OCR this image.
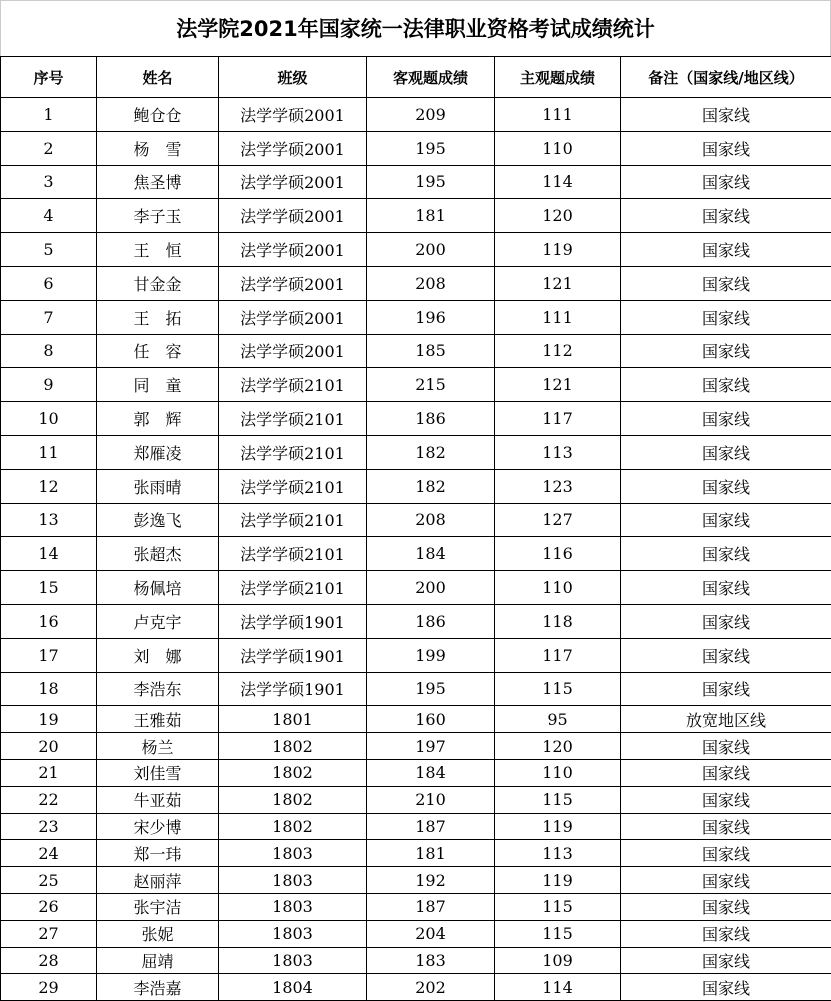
法学院2021年国家统一法律职业资格考试成绩统计
序号	姓名	班级	客观题成绩	主观题成绩	备注（国家线/地区线）
1	鲍仓仓	法学学硕2001	209	111	国家线
2	杨　雪	法学学硕2001	195	110	国家线
3	焦圣博	法学学硕2001	195	114	国家线
4	李子玉	法学学硕2001	181	120	国家线
5	王　恒	法学学硕2001	200	119	国家线
6	甘金金	法学学硕2001	208	121	国家线
7	王　拓	法学学硕2001	196	111	国家线
8	任　容	法学学硕2001	185	112	国家线
9	同　童	法学学硕2101	215	121	国家线
10	郭　辉	法学学硕2101	186	117	国家线
11	郑雁凌	法学学硕2101	182	113	国家线
12	张雨晴	法学学硕2101	182	123	国家线
13	彭逸飞	法学学硕2101	208	127	国家线
14	张超杰	法学学硕2101	184	116	国家线
15	杨佩培	法学学硕2101	200	110	国家线
16	卢克宇	法学学硕1901	186	118	国家线
17	刘　娜	法学学硕1901	199	117	国家线
18	李浩东	法学学硕1901	195	115	国家线
19	王雅茹	1801	160	95	放宽地区线
20	杨兰	1802	197	120	国家线
21	刘佳雪	1802	184	110	国家线
22	牛亚茹	1802	210	115	国家线
23	宋少博	1802	187	119	国家线
24	郑一玮	1803	181	113	国家线
25	赵丽萍	1803	192	119	国家线
26	张宇洁	1803	187	115	国家线
27	张妮	1803	204	115	国家线
28	屈靖	1803	183	109	国家线
29	李浩嘉	1804	202	114	国家线
